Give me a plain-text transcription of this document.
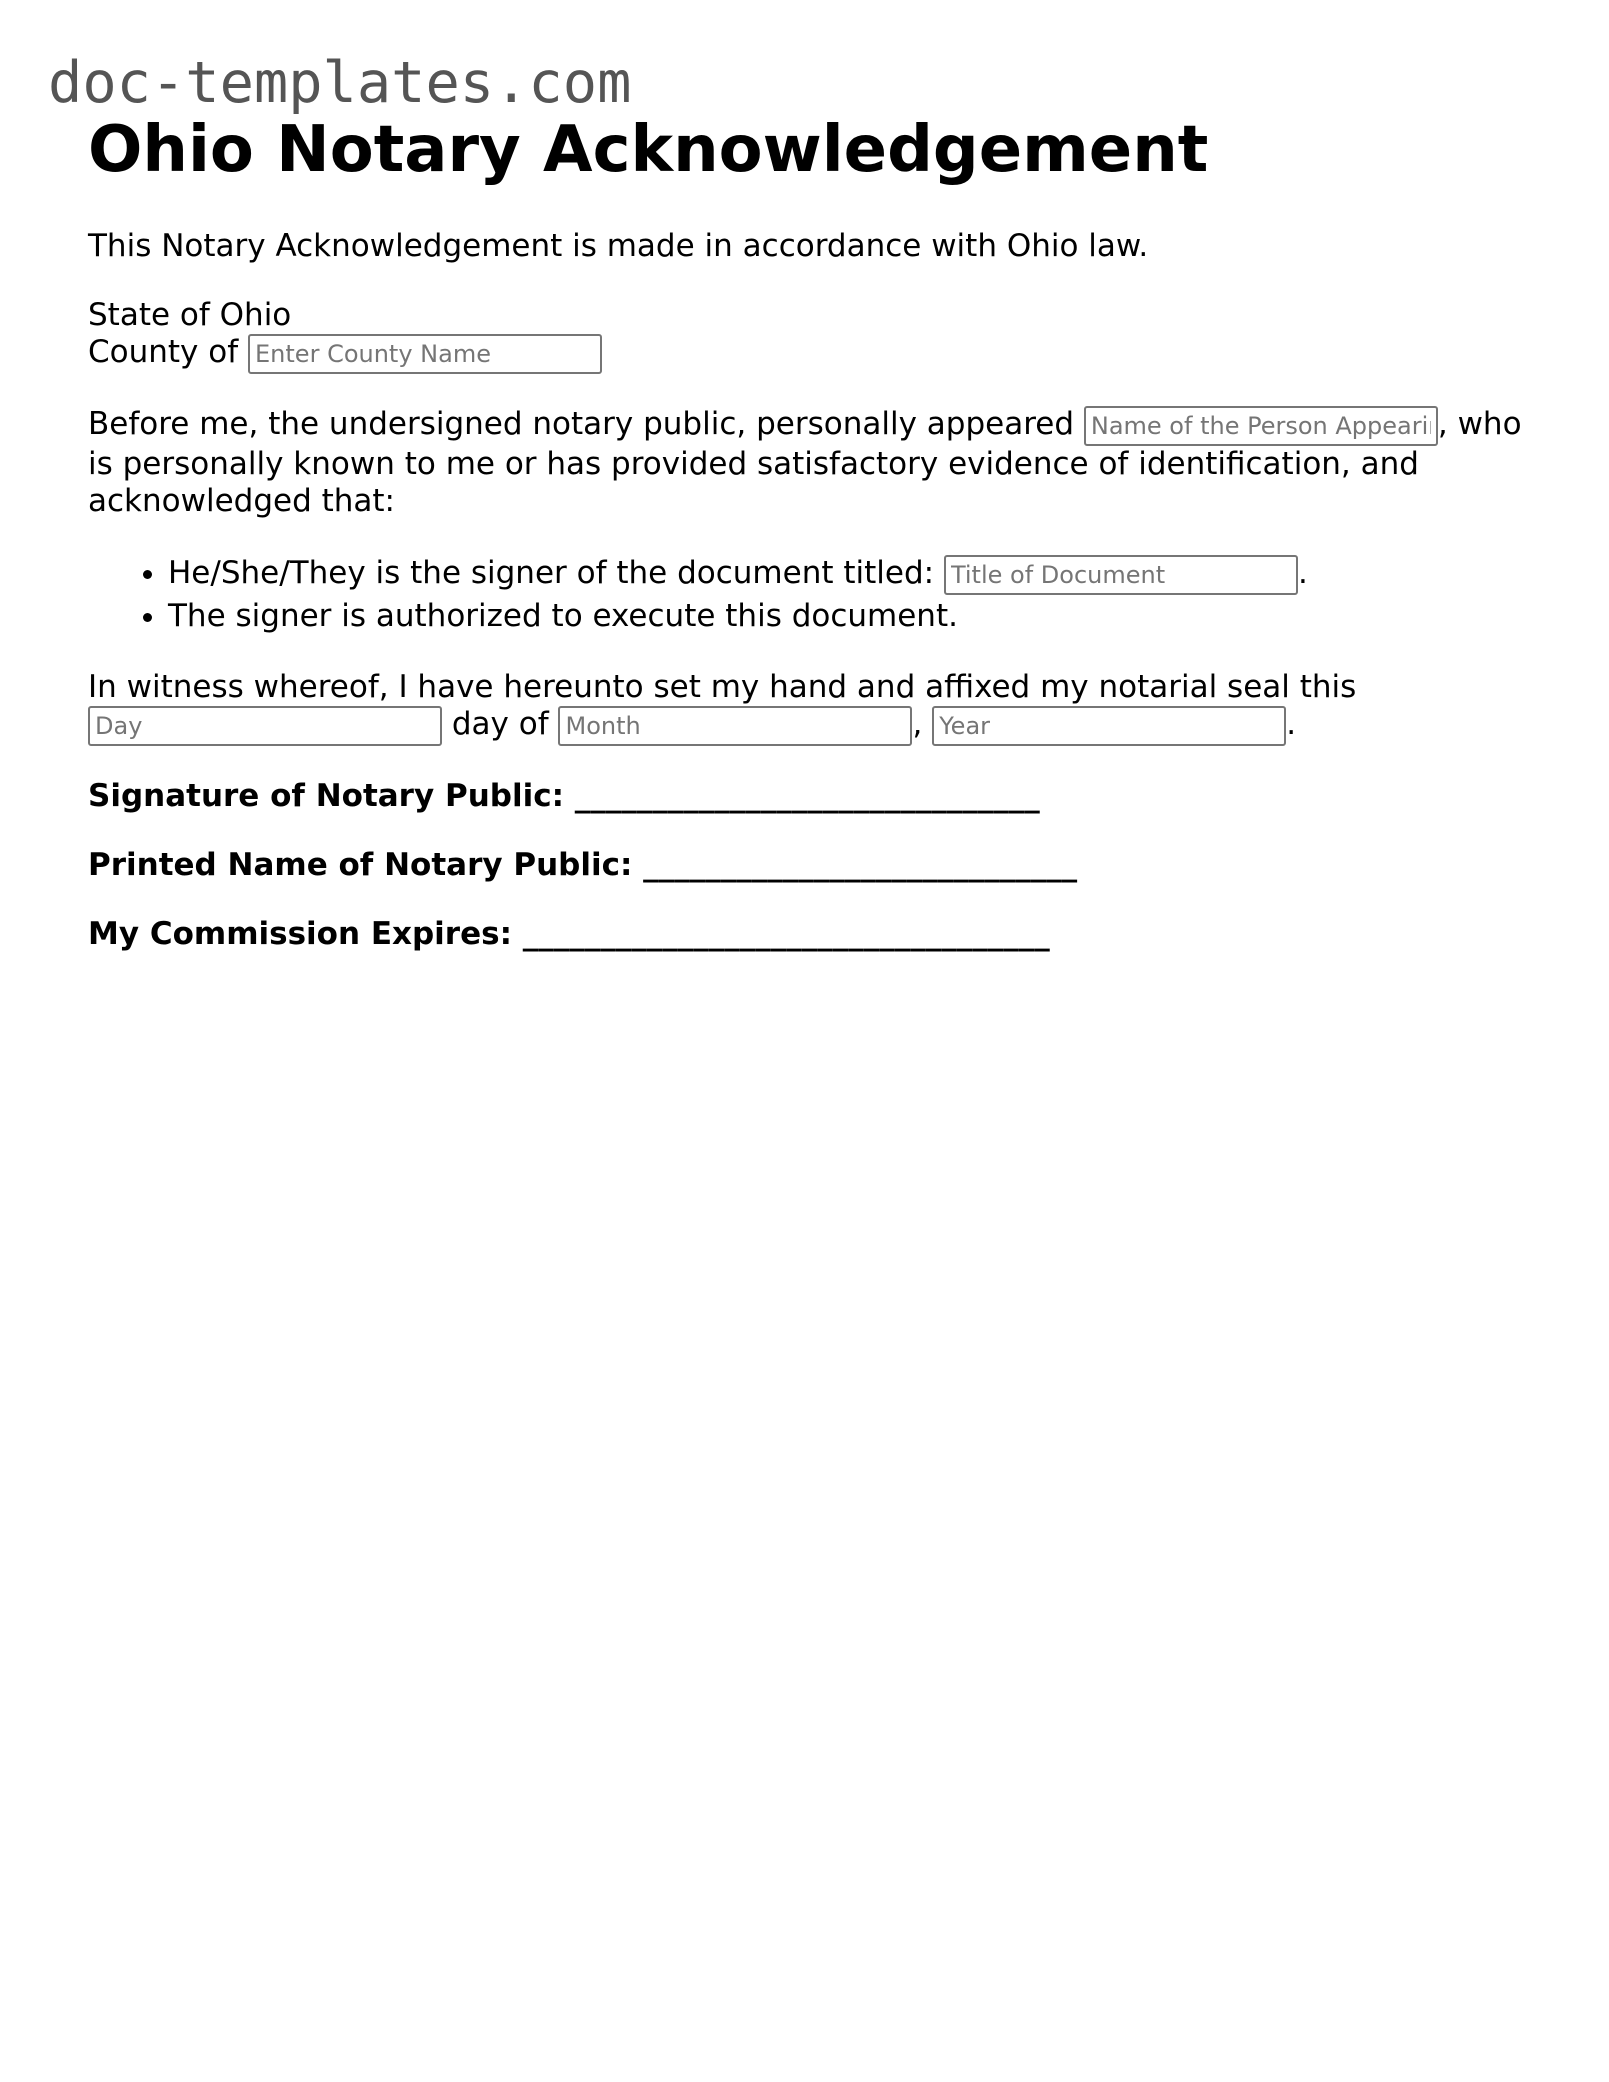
doc-templates.com
Ohio Notary Acknowledgement

This Notary Acknowledgement is made in accordance with Ohio law.

State of Ohio
County of Enter County Name

Before me, the undersigned notary public, personally appeared Name of the Person Appearing	, who is personally known to me or has provided satisfactory evidence of identification, and acknowledged that:

• He/She/They is the signer of the document titled: Title of Document	.
• The signer is authorized to execute this document.

In witness whereof, I have hereunto set my hand and affixed my notarial seal this
Day day of Month	, Year	.

Signature of Notary Public: ______________________________

Printed Name of Notary Public: ____________________________

My Commission Expires: __________________________________
